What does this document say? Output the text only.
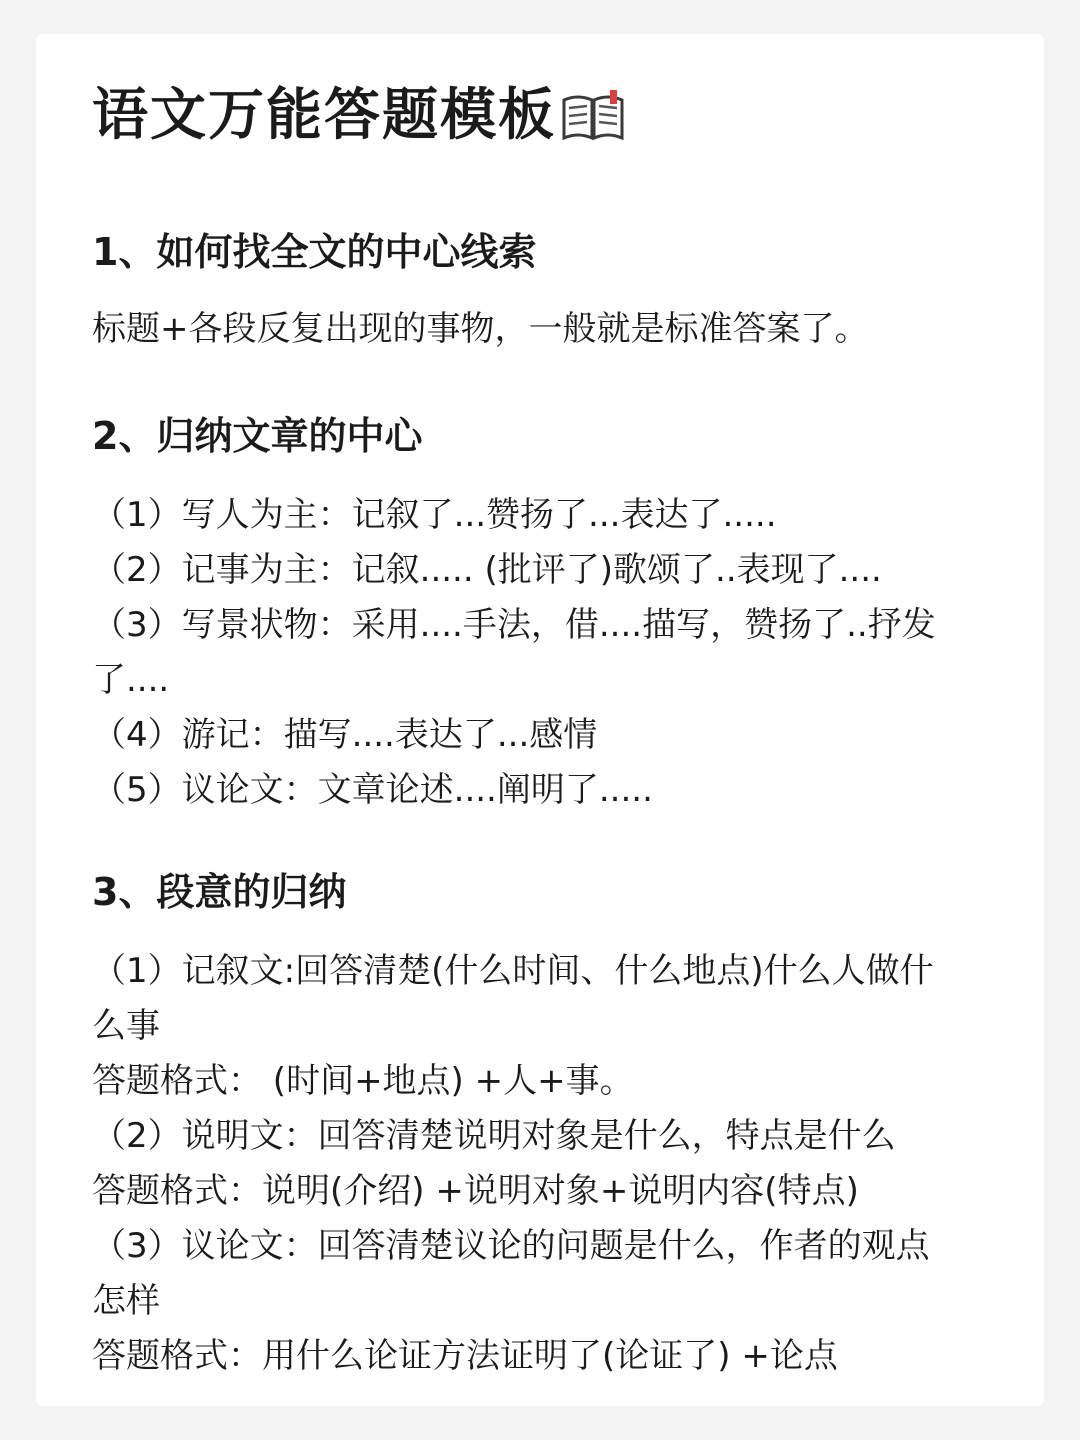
语文万能答题模板
1、如何找全文的中心线索
标题+各段反复出现的事物，一般就是标准答案了。
2、归纳文章的中心
（1）写人为主：记叙了...赞扬了...表达了.....
（2）记事为主：记叙..... (批评了)歌颂了..表现了....
（3）写景状物：采用....手法，借....描写，赞扬了..抒发
了....
（4）游记：描写....表达了...感情
（5）议论文：文章论述....阐明了.....
3、段意的归纳
（1）记叙文:回答清楚(什么时间、什么地点)什么人做什
么事
答题格式： (时间+地点) +人+事。
（2）说明文：回答清楚说明对象是什么，特点是什么
答题格式：说明(介绍) +说明对象+说明内容(特点)
（3）议论文：回答清楚议论的问题是什么，作者的观点
怎样
答题格式：用什么论证方法证明了(论证了) +论点
